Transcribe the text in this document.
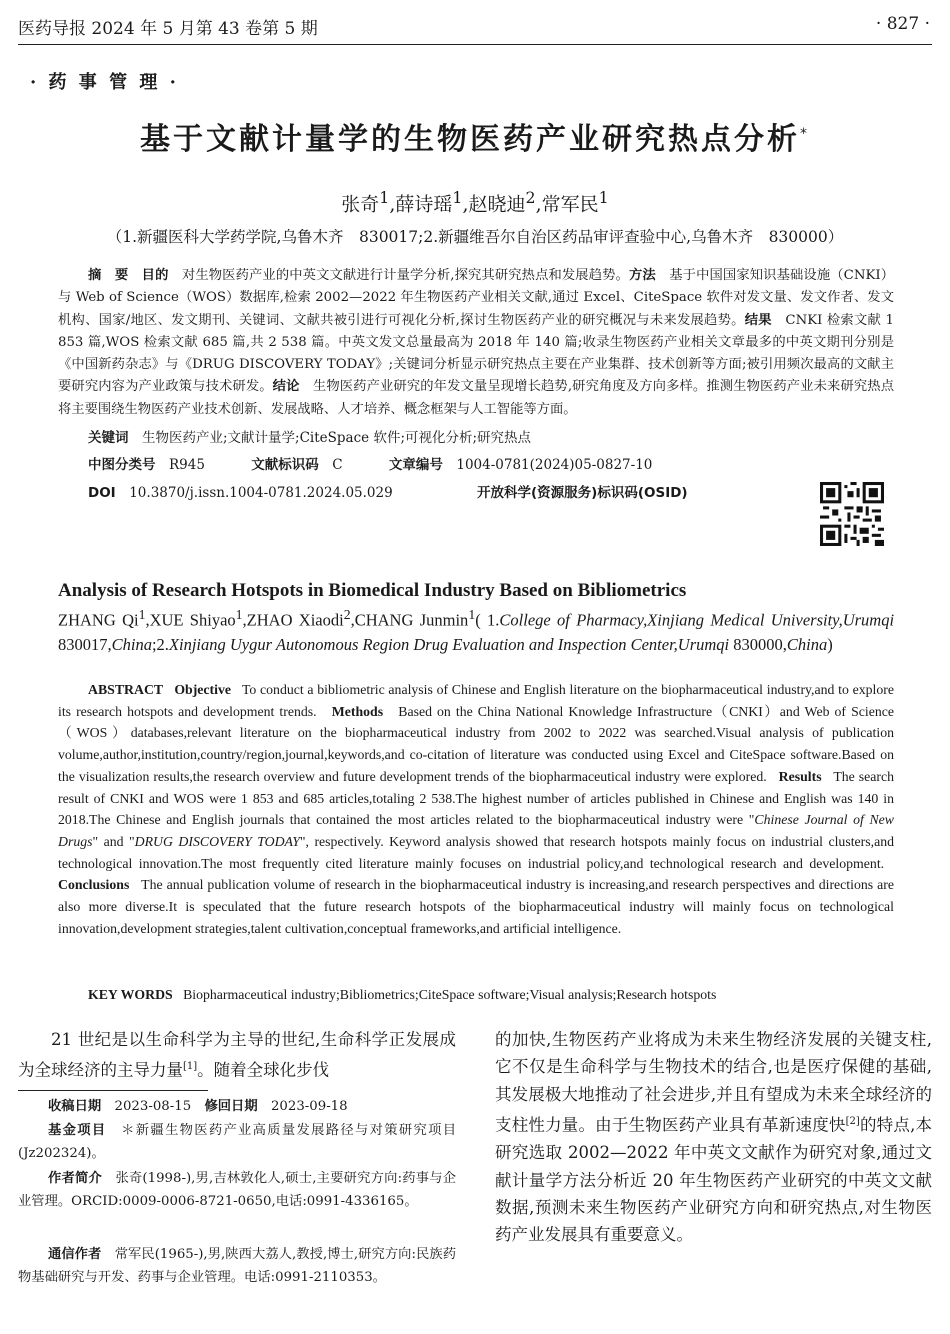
医药导报 2024 年 5 月第 43 卷第 5 期	· 827 ·
· 药 事 管 理 ·
基于文献计量学的生物医药产业研究热点分析*
张奇$^1$,薛诗瑶$^1$,赵晓迪$^2$,常军民$^1$
（1.新疆医科大学药学院,乌鲁木齐　830017;2.新疆维吾尔自治区药品审评查验中心,乌鲁木齐　830000）
摘　要　 目的　 对生物医药产业的中英文文献进行计量学分析,探究其研究热点和发展趋势。方法　 基于中国国家知识基础设施（CNKI）与 Web of Science（WOS）数据库,检索 2002—2022 年生物医药产业相关文献,通过 Excel、CiteSpace 软件对发文量、发文作者、发文机构、国家/地区、发文期刊、关键词、文献共被引进行可视化分析,探讨生物医药产业的研究概况与未来发展趋势。结果　 CNKI 检索文献 1 853 篇,WOS 检索文献 685 篇,共 2 538 篇。中英文发文总量最高为 2018 年 140 篇;收录生物医药产业相关文章最多的中英文期刊分别是《中国新药杂志》与《DRUG DISCOVERY TODAY》;关键词分析显示研究热点主要在产业集群、技术创新等方面;被引用频次最高的文献主要研究内容为产业政策与技术研发。结论　 生物医药产业研究的年发文量呈现增长趋势,研究角度及方向多样。推测生物医药产业未来研究热点将主要围绕生物医药产业技术创新、发展战略、人才培养、概念框架与人工智能等方面。
关键词　 生物医药产业;文献计量学;CiteSpace 软件;可视化分析;研究热点
中图分类号　 R945	文献标识码　 C	文章编号　 1004-0781(2024)05-0827-10
DOI　 10.3870/j.issn.1004-0781.2024.05.029	开放科学(资源服务)标识码(OSID)
Analysis of Research Hotspots in Biomedical Industry Based on Bibliometrics
ZHANG Qi$^1$,XUE Shiyao$^1$,ZHAO Xiaodi$^2$,CHANG Junmin$^1$( 1.College of Pharmacy,Xinjiang Medical University,Urumqi 830017,China;2.Xinjiang Uygur Autonomous Region Drug Evaluation and Inspection Center,Urumqi 830000,China)
ABSTRACT Objective To conduct a bibliometric analysis of Chinese and English literature on the biopharmaceutical industry,and to explore its research hotspots and development trends. Methods Based on the China National Knowledge Infrastructure（CNKI）and Web of Science（WOS）databases,relevant literature on the biopharmaceutical industry from 2002 to 2022 was searched.Visual analysis of publication volume,author,institution,country/region,journal,keywords,and co-citation of literature was conducted using Excel and CiteSpace software.Based on the visualization results,the research overview and future development trends of the biopharmaceutical industry were explored. Results The search result of CNKI and WOS were 1 853 and 685 articles,totaling 2 538.The highest number of articles published in Chinese and English was 140 in 2018.The Chinese and English journals that contained the most articles related to the biopharmaceutical industry were "Chinese Journal of New Drugs" and "DRUG DISCOVERY TODAY", respectively. Keyword analysis showed that research hotspots mainly focus on industrial clusters,and technological innovation.The most frequently cited literature mainly focuses on industrial policy,and technological research and development.   Conclusions The annual publication volume of research in the biopharmaceutical industry is increasing,and research perspectives and directions are also more diverse.It is speculated that the future research hotspots of the biopharmaceutical industry will mainly focus on technological innovation,development strategies,talent cultivation,conceptual frameworks,and artificial intelligence.
KEY WORDS Biopharmaceutical industry;Bibliometrics;CiteSpace software;Visual analysis;Research hotspots
21 世纪是以生命科学为主导的世纪,生命科学正发展成为全球经济的主导力量[1]。随着全球化步伐
收稿日期　 2023-08-15　 修回日期　 2023-09-18
基金项目　 ＊新疆生物医药产业高质量发展路径与对策研究项目(Jz202324)。
作者简介　 张奇(1998-),男,吉林敦化人,硕士,主要研究方向:药事与企业管理。ORCID:0009-0006-8721-0650,电话:0991-4336165。
通信作者　 常军民(1965-),男,陕西大荔人,教授,博士,研究方向:民族药物基础研究与开发、药事与企业管理。电话:0991-2110353。
的加快,生物医药产业将成为未来生物经济发展的关键支柱,它不仅是生命科学与生物技术的结合,也是医疗保健的基础,其发展极大地推动了社会进步,并且有望成为未来全球经济的支柱性力量。由于生物医药产业具有革新速度快[2]的特点,本研究选取 2002—2022 年中英文文献作为研究对象,通过文献计量学方法分析近 20 年生物医药产业研究的中英文文献数据,预测未来生物医药产业研究方向和研究热点,对生物医药产业发展具有重要意义。
